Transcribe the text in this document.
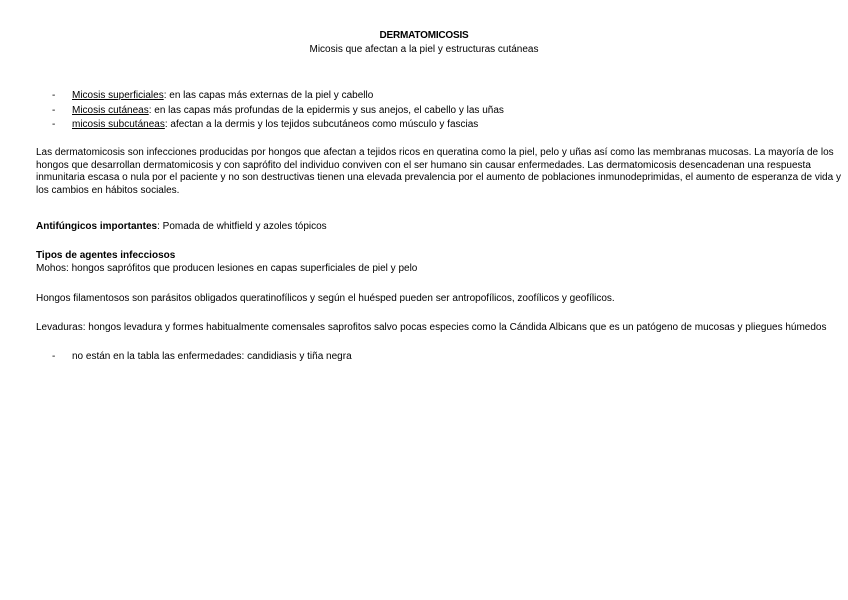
DERMATOMICOSIS
Micosis que afectan a la piel y estructuras cutáneas
- Micosis superficiales: en las capas más externas de la piel y cabello
- Micosis cutáneas: en las capas más profundas de la epidermis y sus anejos, el cabello y las uñas
- micosis subcutáneas: afectan a la dermis y los tejidos subcutáneos como músculo y fascias

Las dermatomicosis son infecciones producidas por hongos que afectan a tejidos ricos en queratina como la piel, pelo y uñas así como las membranas mucosas. La mayoría de los hongos que desarrollan dermatomicosis y con saprófito del individuo conviven con el ser humano sin causar enfermedades. Las dermatomicosis desencadenan una respuesta inmunitaria escasa o nula por el paciente y no son destructivas tienen una elevada prevalencia por el aumento de poblaciones inmunodeprimidas, el aumento de esperanza de vida y los cambios en hábitos sociales.

Antifúngicos importantes: Pomada de whitfield y azoles tópicos

Tipos de agentes infecciosos

Mohos: hongos saprófitos que producen lesiones en capas superficiales de piel y pelo

Hongos filamentosos son parásitos obligados queratinofílicos y según el huésped pueden ser antropofílicos, zoofílicos y geofílicos.

Levaduras: hongos levadura y formes habitualmente comensales saprofitos salvo pocas especies como la Cándida Albicans que es un patógeno de mucosas y pliegues húmedos

- no están en la tabla las enfermedades: candidiasis y tiña negra
